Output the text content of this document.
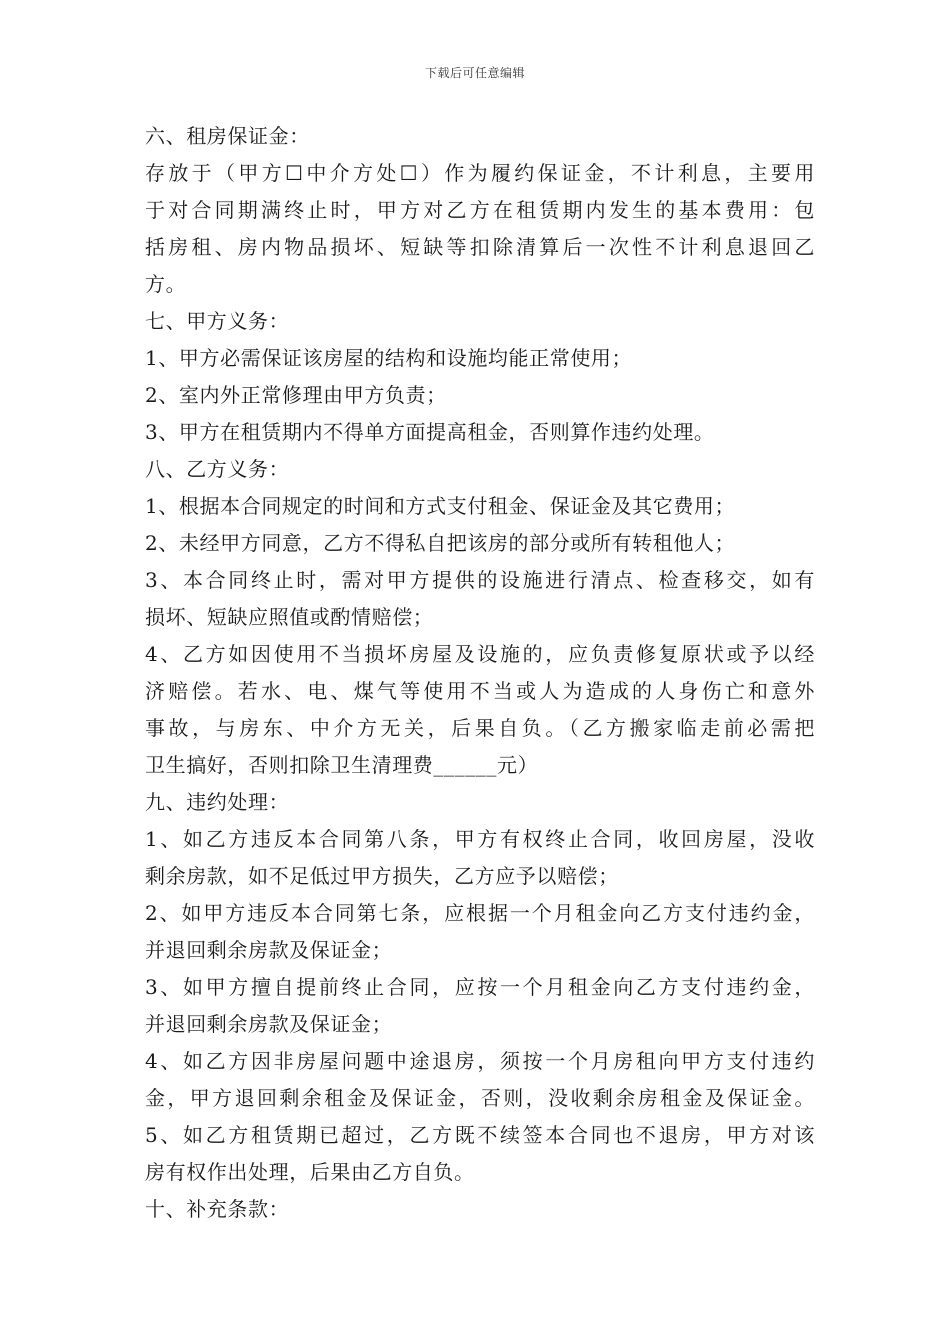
下载后可任意编辑
六、租房保证金：
存放于（甲方☐中介方处☐）作为履约保证金，不计利息，主要用
于对合同期满终止时，甲方对乙方在租赁期内发生的基本费用：包
括房租、房内物品损坏、短缺等扣除清算后一次性不计利息退回乙
方。
七、甲方义务：
1、甲方必需保证该房屋的结构和设施均能正常使用；
2、室内外正常修理由甲方负责；
3、甲方在租赁期内不得单方面提高租金，否则算作违约处理。
八、乙方义务：
1、根据本合同规定的时间和方式支付租金、保证金及其它费用；
2、未经甲方同意，乙方不得私自把该房的部分或所有转租他人；
3、本合同终止时，需对甲方提供的设施进行清点、检查移交，如有
损坏、短缺应照值或酌情赔偿；
4、乙方如因使用不当损坏房屋及设施的，应负责修复原状或予以经
济赔偿。若水、电、煤气等使用不当或人为造成的人身伤亡和意外
事故，与房东、中介方无关，后果自负。（乙方搬家临走前必需把
卫生搞好，否则扣除卫生清理费______元）
九、违约处理：
1、如乙方违反本合同第八条，甲方有权终止合同，收回房屋，没收
剩余房款，如不足低过甲方损失，乙方应予以赔偿；
2、如甲方违反本合同第七条，应根据一个月租金向乙方支付违约金，
并退回剩余房款及保证金；
3、如甲方擅自提前终止合同，应按一个月租金向乙方支付违约金，
并退回剩余房款及保证金；
4、如乙方因非房屋问题中途退房，须按一个月房租向甲方支付违约
金，甲方退回剩余租金及保证金，否则，没收剩余房租金及保证金。
5、如乙方租赁期已超过，乙方既不续签本合同也不退房，甲方对该
房有权作出处理，后果由乙方自负。
十、补充条款：
